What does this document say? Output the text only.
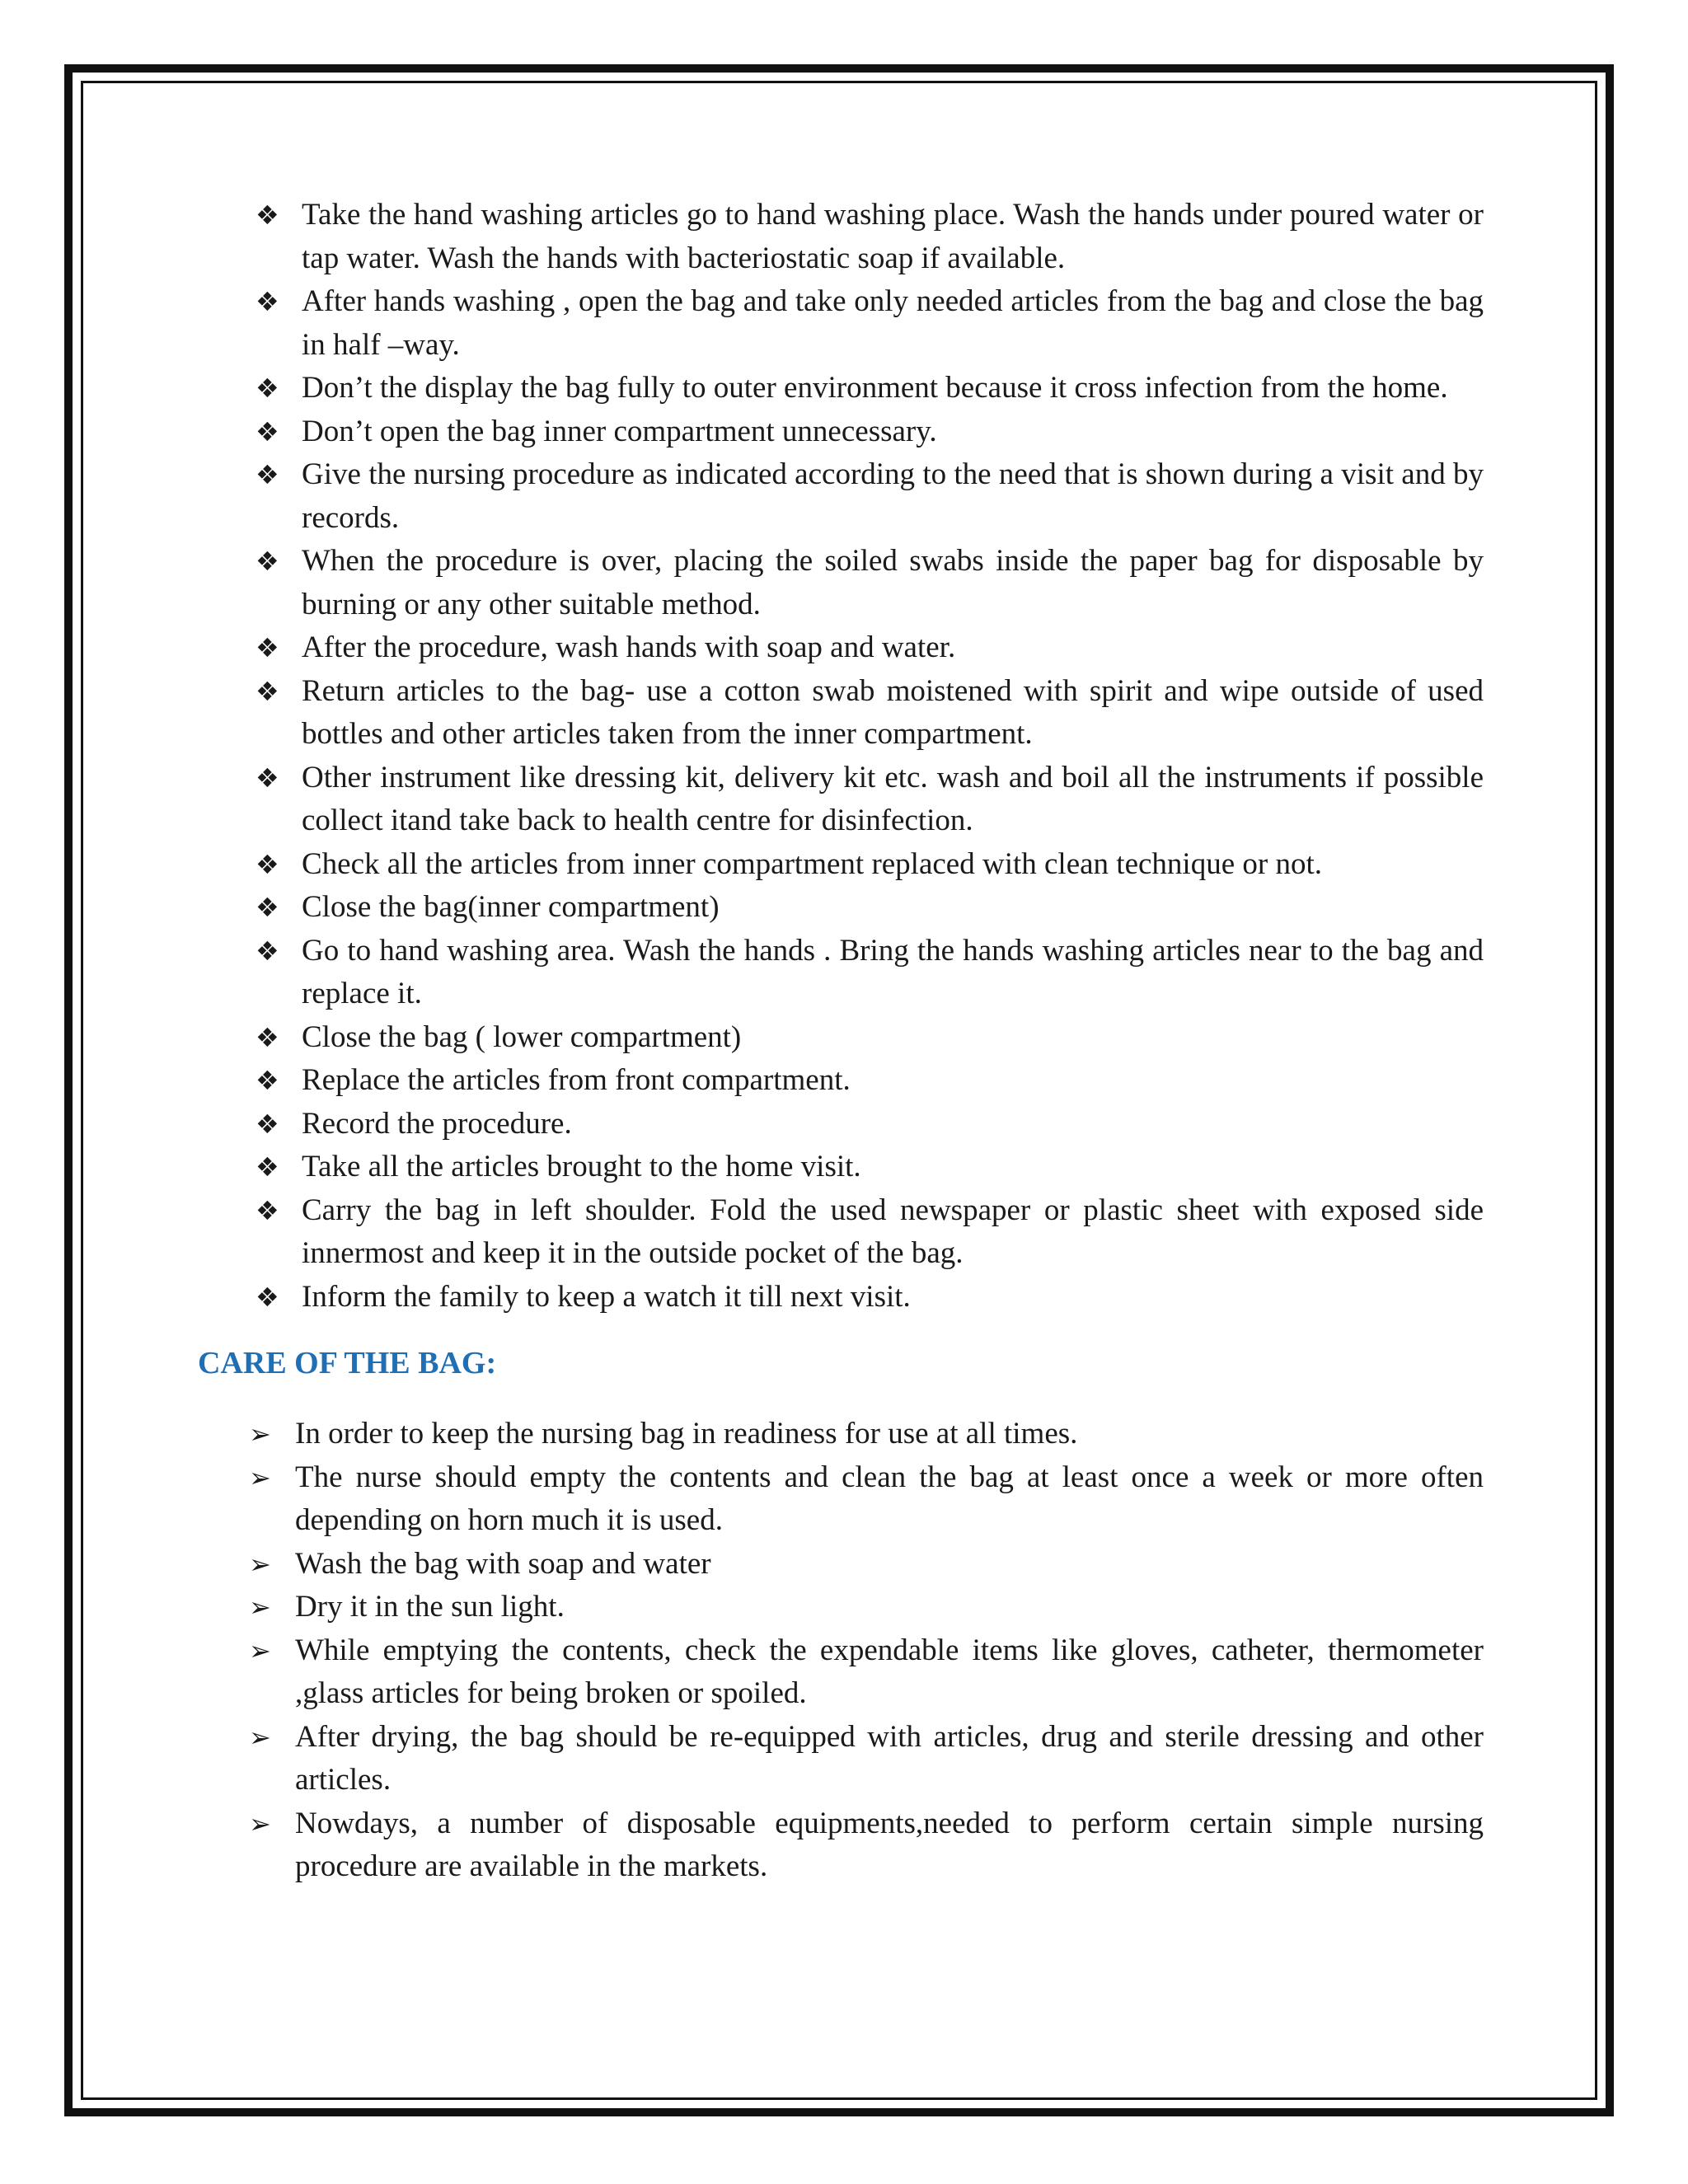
❖ Take the hand washing articles go to hand washing place. Wash the hands under poured water or tap water. Wash the hands with bacteriostatic soap if available.
❖ After hands washing , open the bag and take only needed articles from the bag and close the bag in half –way.
❖ Don’t the display the bag fully to outer environment because it cross infection from the home.
❖ Don’t open the bag inner compartment unnecessary.
❖ Give the nursing procedure as indicated according to the need that is shown during a visit and by records.
❖ When the procedure is over, placing the soiled swabs inside the paper bag for disposable by burning or any other suitable method.
❖ After the procedure, wash hands with soap and water.
❖ Return articles to the bag- use a cotton swab moistened with spirit and wipe outside of used bottles and other articles taken from the inner compartment.
❖ Other instrument like dressing kit, delivery kit etc. wash and boil all the instruments if possible collect itand take back to health centre for disinfection.
❖ Check all the articles from inner compartment replaced with clean technique or not.
❖ Close the bag(inner compartment)
❖ Go to hand washing area. Wash the hands . Bring the hands washing articles near to the bag and replace it.
❖ Close the bag ( lower compartment)
❖ Replace the articles from front compartment.
❖ Record the procedure.
❖ Take all the articles brought to the home visit.
❖ Carry the bag in left shoulder. Fold the used newspaper or plastic sheet with exposed side innermost and keep it in the outside pocket of the bag.
❖ Inform the family to keep a watch it till next visit.
CARE OF THE BAG:
➢ In order to keep the nursing bag in readiness for use at all times.
➢ The nurse should empty the contents and clean the bag at least once a week or more often depending on horn much it is used.
➢ Wash the bag with soap and water
➢ Dry it in the sun light.
➢ While emptying the contents, check the expendable items like gloves, catheter, thermometer ,glass articles for being broken or spoiled.
➢ After drying, the bag should be re-equipped with articles, drug and sterile dressing and other articles.
➢ Nowdays, a number of disposable equipments,needed to perform certain simple nursing procedure are available in the markets.
